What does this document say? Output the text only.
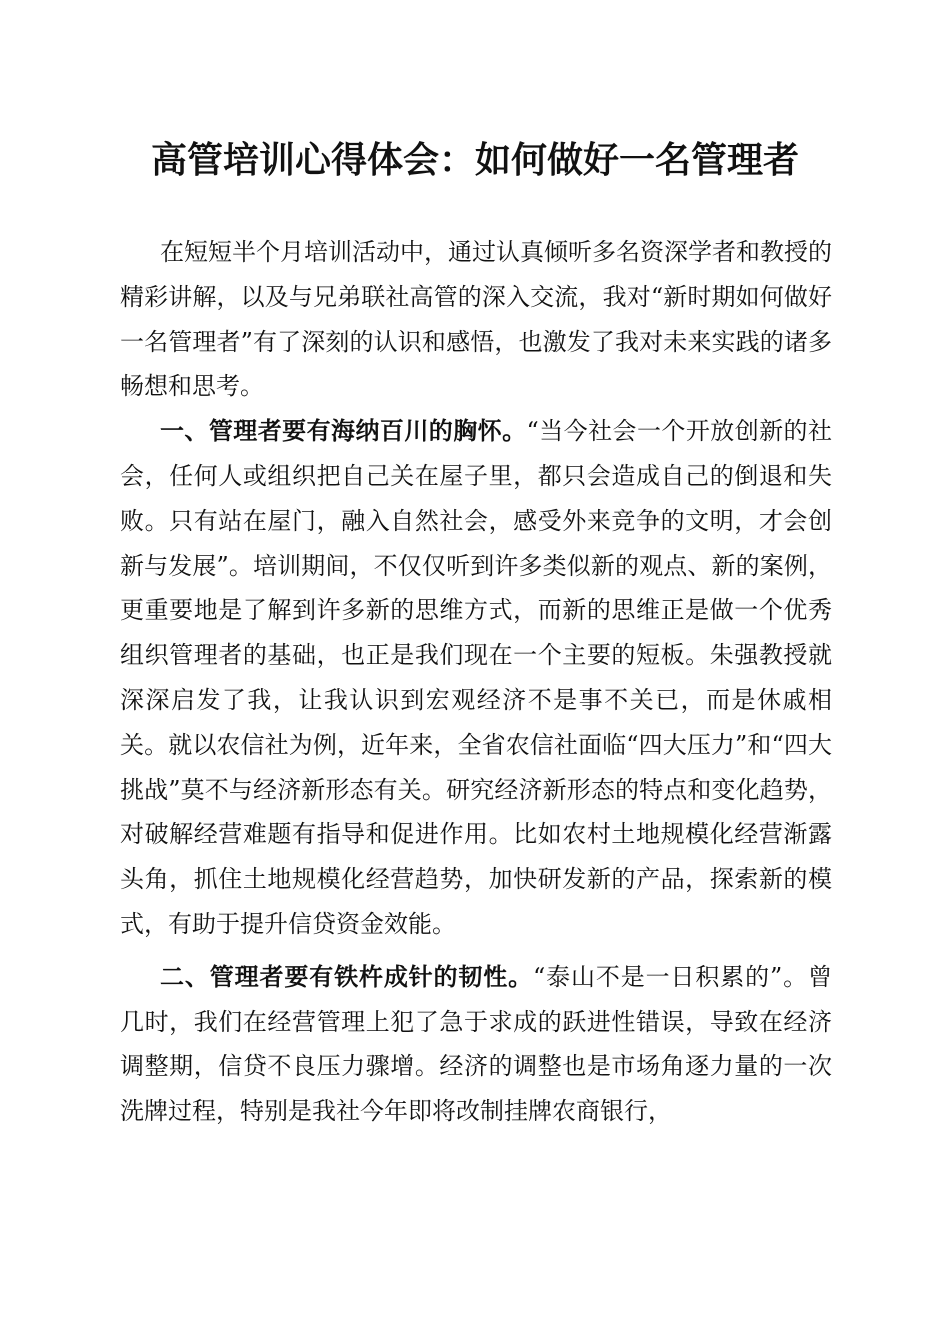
高管培训心得体会：如何做好一名管理者

在短短半个月培训活动中，通过认真倾听多名资深学者和教授的精彩讲解，以及与兄弟联社高管的深入交流，我对“新时期如何做好一名管理者”有了深刻的认识和感悟，也激发了我对未来实践的诸多畅想和思考。

一、管理者要有海纳百川的胸怀。“当今社会一个开放创新的社会，任何人或组织把自己关在屋子里，都只会造成自己的倒退和失败。只有站在屋门，融入自然社会，感受外来竞争的文明，才会创新与发展”。培训期间，不仅仅听到许多类似新的观点、新的案例，更重要地是了解到许多新的思维方式，而新的思维正是做一个优秀组织管理者的基础，也正是我们现在一个主要的短板。朱强教授就深深启发了我，让我认识到宏观经济不是事不关已，而是休戚相关。就以农信社为例，近年来，全省农信社面临“四大压力”和“四大挑战”莫不与经济新形态有关。研究经济新形态的特点和变化趋势，对破解经营难题有指导和促进作用。比如农村土地规模化经营渐露头角，抓住土地规模化经营趋势，加快研发新的产品，探索新的模式，有助于提升信贷资金效能。

二、管理者要有铁杵成针的韧性。“泰山不是一日积累的”。曾几时，我们在经营管理上犯了急于求成的跃进性错误，导致在经济调整期，信贷不良压力骤增。经济的调整也是市场角逐力量的一次洗牌过程，特别是我社今年即将改制挂牌农商银行，
